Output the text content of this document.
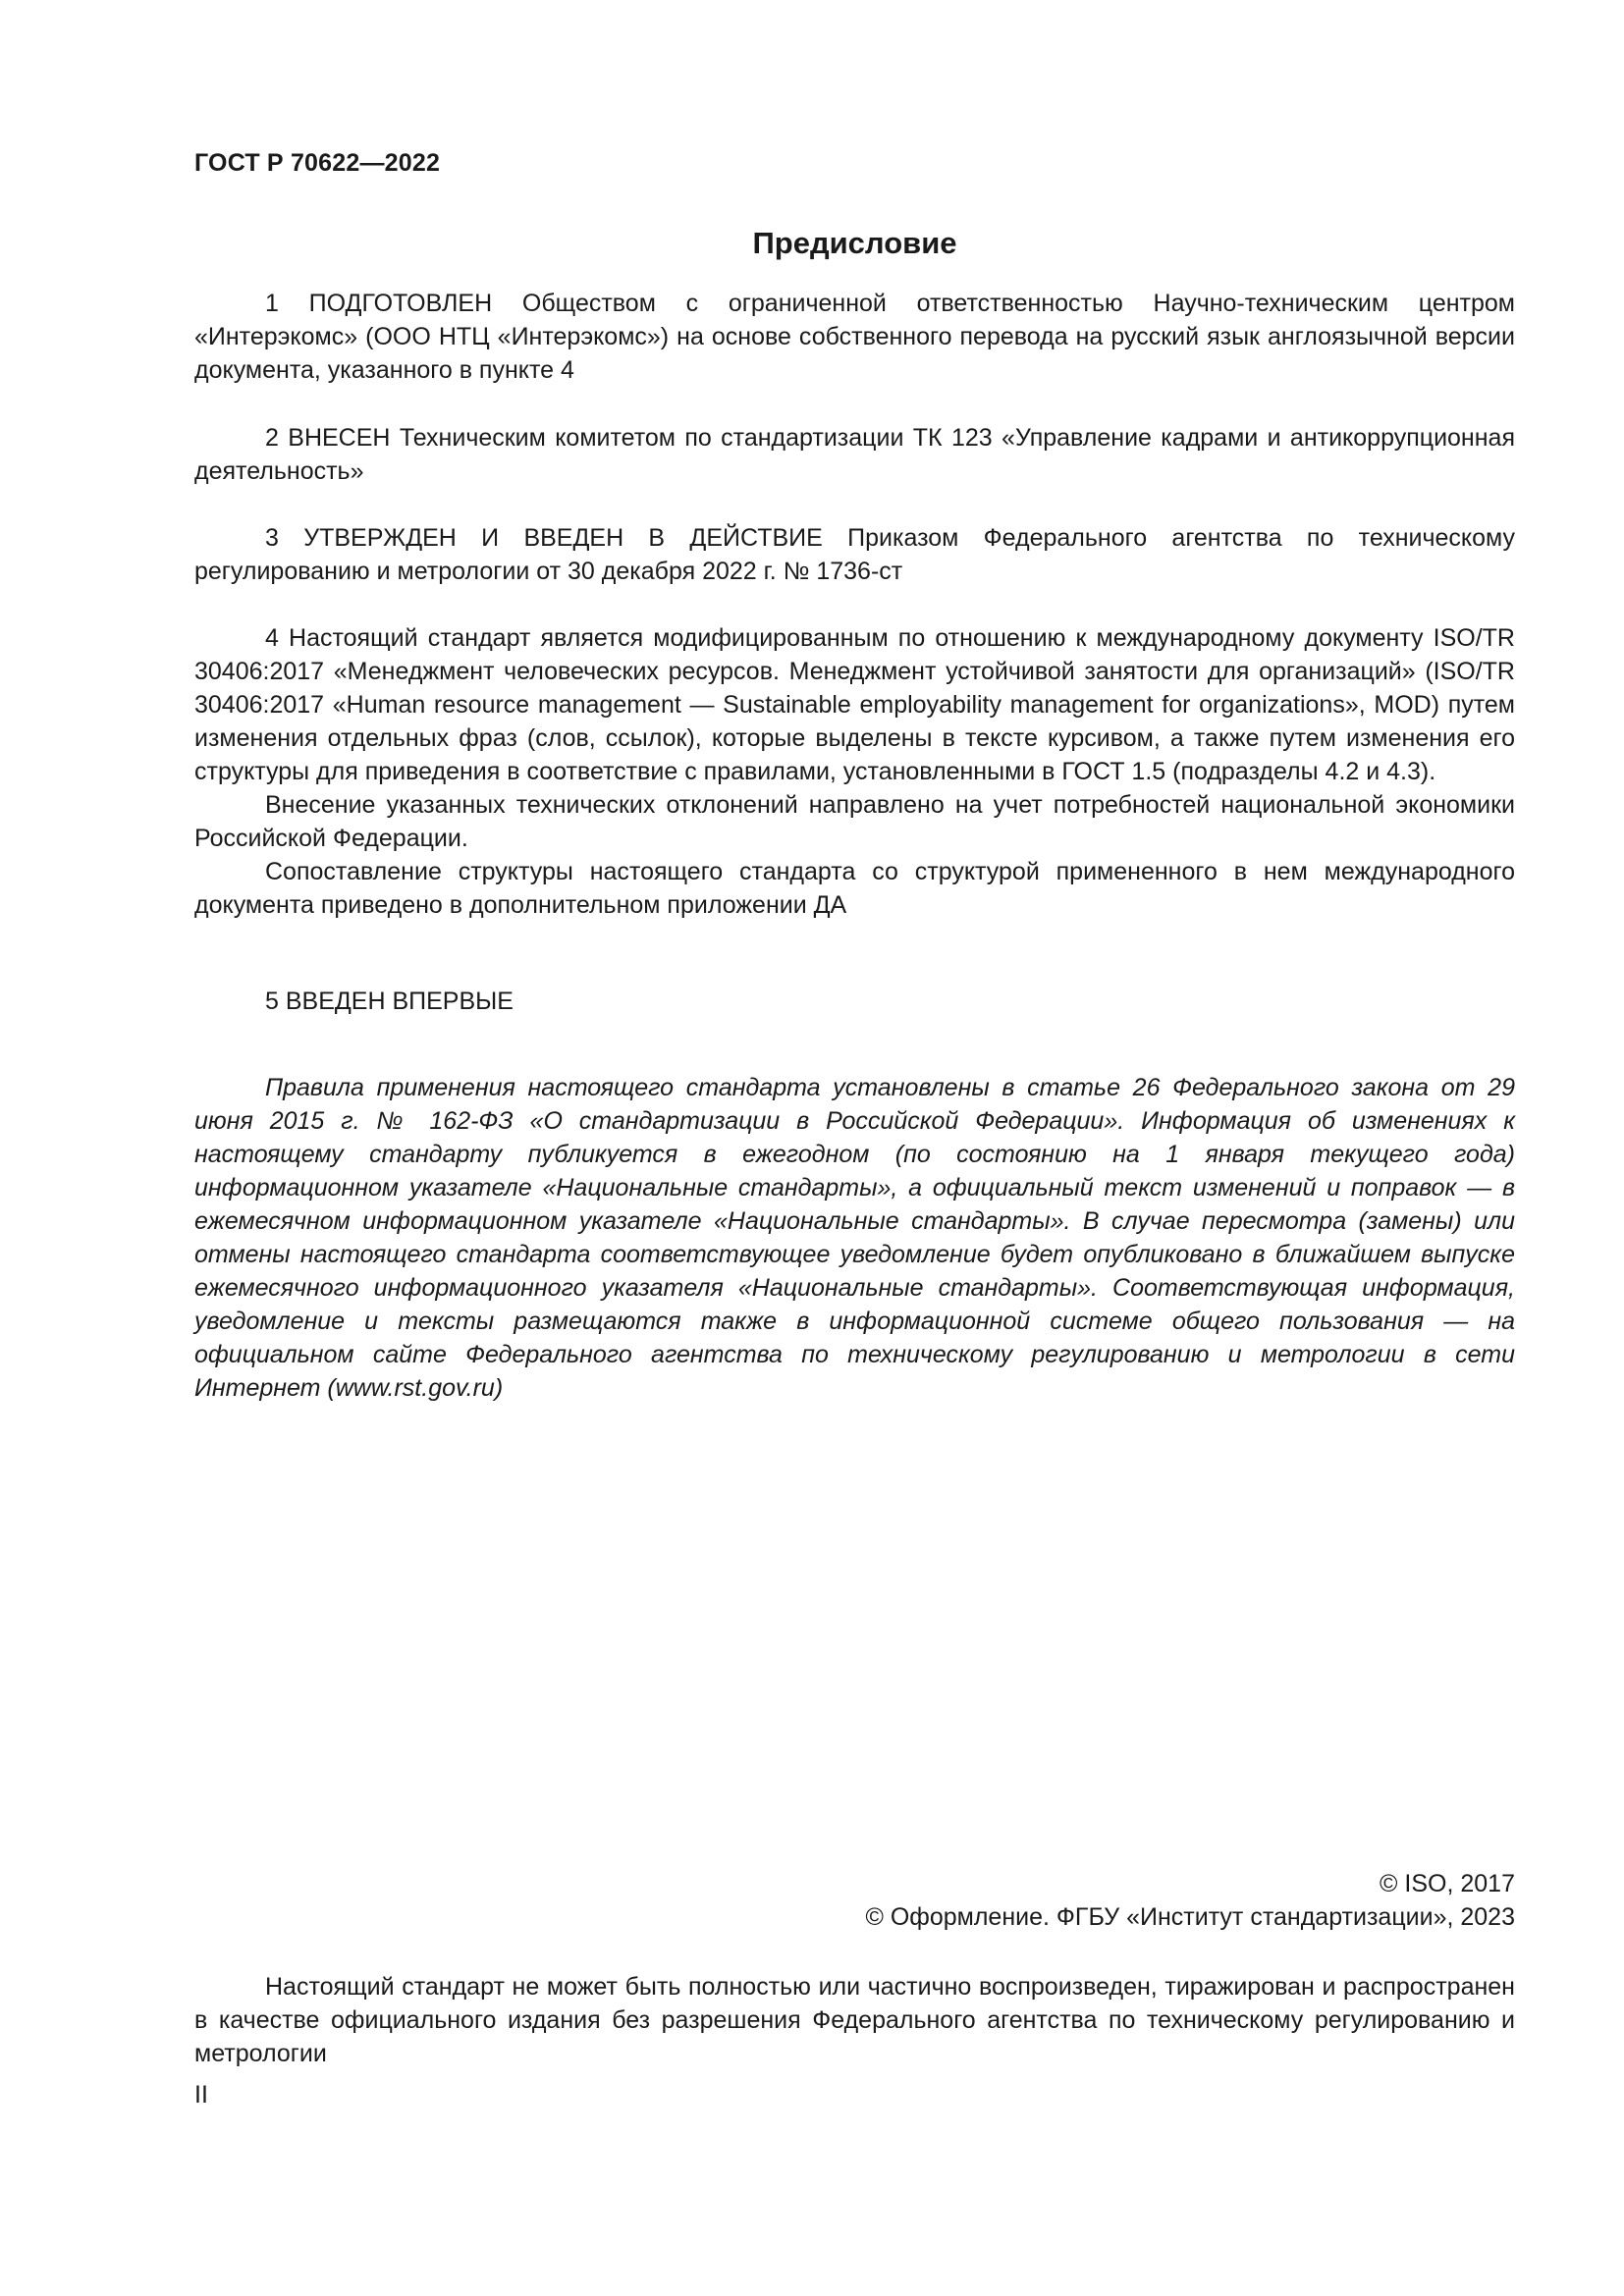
ГОСТ Р 70622—2022
Предисловие

1 ПОДГОТОВЛЕН Обществом с ограниченной ответственностью Научно-техническим центром «Интерэкомс» (ООО НТЦ «Интерэкомс») на основе собственного перевода на русский язык англоязычной версии документа, указанного в пункте 4

2 ВНЕСЕН Техническим комитетом по стандартизации ТК 123 «Управление кадрами и антикоррупционная деятельность»

3 УТВЕРЖДЕН И ВВЕДЕН В ДЕЙСТВИЕ Приказом Федерального агентства по техническому регулированию и метрологии от 30 декабря 2022 г. № 1736-ст

4 Настоящий стандарт является модифицированным по отношению к международному документу ISO/TR 30406:2017 «Менеджмент человеческих ресурсов. Менеджмент устойчивой занятости для организаций» (ISO/TR 30406:2017 «Human resource management — Sustainable employability management for organizations», MOD) путем изменения отдельных фраз (слов, ссылок), которые выделены в тексте курсивом, а также путем изменения его структуры для приведения в соответствие с правилами, установленными в ГОСТ 1.5 (подразделы 4.2 и 4.3).

Внесение указанных технических отклонений направлено на учет потребностей национальной экономики Российской Федерации.

Сопоставление структуры настоящего стандарта со структурой примененного в нем международного документа приведено в дополнительном приложении ДА

5 ВВЕДЕН ВПЕРВЫЕ

Правила применения настоящего стандарта установлены в статье 26 Федерального закона от 29 июня 2015 г. № 162-ФЗ «О стандартизации в Российской Федерации». Информация об изменениях к настоящему стандарту публикуется в ежегодном (по состоянию на 1 января текущего года) информационном указателе «Национальные стандарты», а официальный текст изменений и поправок — в ежемесячном информационном указателе «Национальные стандарты». В случае пересмотра (замены) или отмены настоящего стандарта соответствующее уведомление будет опубликовано в ближайшем выпуске ежемесячного информационного указателя «Национальные стандарты». Соответствующая информация, уведомление и тексты размещаются также в информационной системе общего пользования — на официальном сайте Федерального агентства по техническому регулированию и метрологии в сети Интернет (www.rst.gov.ru)
© ISO, 2017
© Оформление. ФГБУ «Институт стандартизации», 2023
Настоящий стандарт не может быть полностью или частично воспроизведен, тиражирован и распространен в качестве официального издания без разрешения Федерального агентства по техническому регулированию и метрологии
II
